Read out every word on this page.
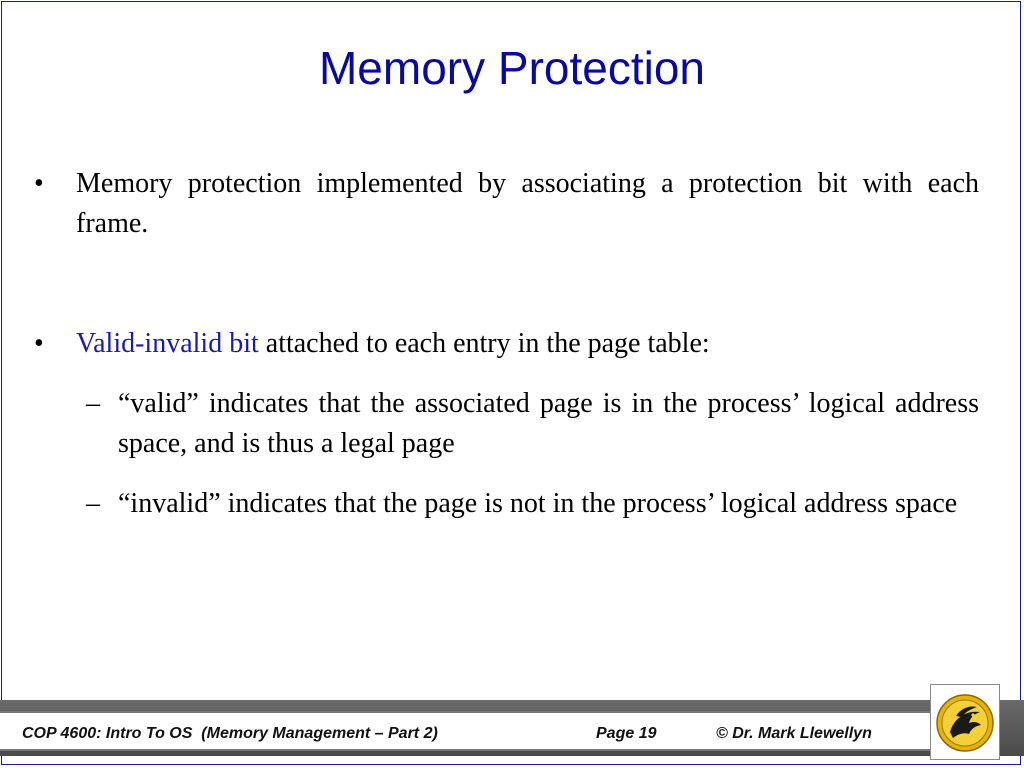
Memory Protection
• Memory protection implemented by associating a protection bit with each frame.
• Valid-invalid bit attached to each entry in the page table:
– “valid” indicates that the associated page is in the process’ logical address space, and is thus a legal page
– “invalid” indicates that the page is not in the process’ logical address space
COP 4600: Intro To OS  (Memory Management – Part 2)	Page 19	© Dr. Mark Llewellyn
